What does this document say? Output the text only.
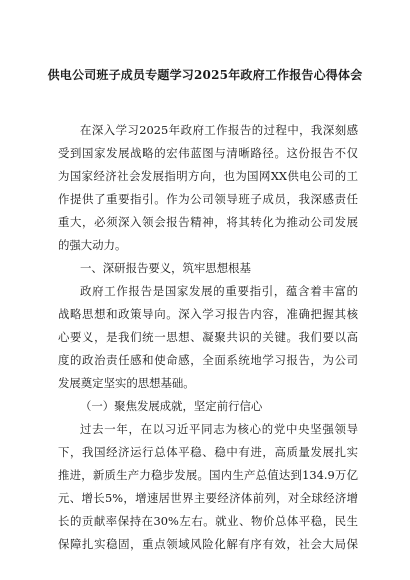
供电公司班子成员专题学习2025年政府工作报告心得体会
在深入学习2025年政府工作报告的过程中，我深刻感
受到国家发展战略的宏伟蓝图与清晰路径。这份报告不仅
为国家经济社会发展指明方向，也为国网XX供电公司的工
作提供了重要指引。作为公司领导班子成员，我深感责任
重大，必须深入领会报告精神，将其转化为推动公司发展
的强大动力。
一、深研报告要义，筑牢思想根基
政府工作报告是国家发展的重要指引，蕴含着丰富的
战略思想和政策导向。深入学习报告内容，准确把握其核
心要义，是我们统一思想、凝聚共识的关键。我们要以高
度的政治责任感和使命感，全面系统地学习报告，为公司
发展奠定坚实的思想基础。
（一）聚焦发展成就，坚定前行信心
过去一年，在以习近平同志为核心的党中央坚强领导
下，我国经济运行总体平稳、稳中有进，高质量发展扎实
推进，新质生产力稳步发展。国内生产总值达到134.9万亿
元、增长5%，增速居世界主要经济体前列，对全球经济增
长的贡献率保持在30%左右。就业、物价总体平稳，民生
保障扎实稳固，重点领域风险化解有序有效，社会大局保
